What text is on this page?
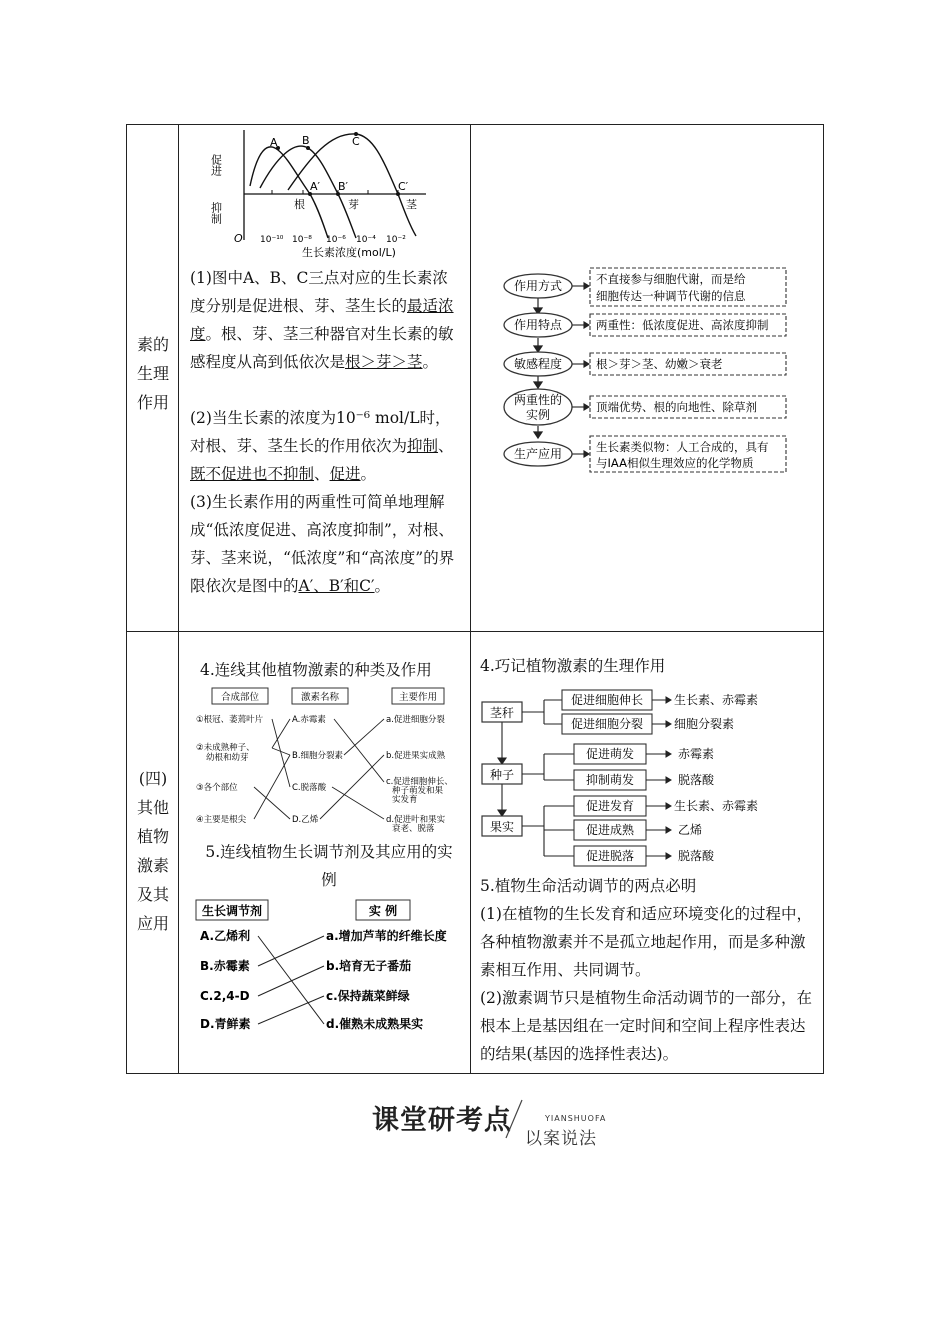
素的
生理
作用
促进
抑制
O
A B	C
A′ B′	C′
根	芽	茎
10⁻¹⁰ 10⁻⁸ 10⁻⁶ 10⁻⁴ 10⁻²
生长素浓度(mol/L)
(1)图中A、B、C三点对应的生长素浓度分别是促进根、芽、茎生长的最适浓度。根、芽、茎三种器官对生长素的敏感程度从高到低依次是根＞芽＞茎。
(2)当生长素的浓度为10⁻⁶ mol/L时，对根、芽、茎生长的作用依次为抑制、既不促进也不抑制、促进。
(3)生长素作用的两重性可简单地理解成“低浓度促进、高浓度抑制”，对根、芽、茎来说，“低浓度”和“高浓度”的界限依次是图中的A′、B′和C′。
作用方式
作用特点
敏感程度
两重性的
实例
生产应用
不直接参与细胞代谢，而是给
细胞传达一种调节代谢的信息
两重性：低浓度促进、高浓度抑制
根＞芽＞茎、幼嫩＞衰老
顶端优势、根的向地性、除草剂
生长素类似物：人工合成的，具有
与IAA相似生理效应的化学物质
(四)
其他
植物
激素
及其
应用
4.连线其他植物激素的种类及作用
合成部位	激素名称	主要作用
①根冠、萎蔫叶片
②未成熟种子、
幼根和幼芽
③各个部位
④主要是根尖
A.赤霉素
B.细胞分裂素
C.脱落酸
D.乙烯
a.促进细胞分裂
b.促进果实成熟
c.促进细胞伸长、
种子萌发和果
实发育
d.促进叶和果实
衰老、脱落
5.连线植物生长调节剂及其应用的实
例
生长调节剂	实 例
A.乙烯利
B.赤霉素
C.2,4-D
D.青鲜素
a.增加芦苇的纤维长度
b.培育无子番茄
c.保持蔬菜鲜绿
d.催熟未成熟果实
4.巧记植物激素的生理作用
茎秆
种子
果实
促进细胞伸长
促进细胞分裂
促进萌发
抑制萌发
促进发育
促进成熟
促进脱落
生长素、赤霉素
细胞分裂素
赤霉素
脱落酸
生长素、赤霉素
乙烯
脱落酸
5.植物生命活动调节的两点必明
(1)在植物的生长发育和适应环境变化的过程中，各种植物激素并不是孤立地起作用，而是多种激素相互作用、共同调节。
(2)激素调节只是植物生命活动调节的一部分，在根本上是基因组在一定时间和空间上程序性表达的结果(基因的选择性表达)。
课堂研考点	YIANSHUOFA
以案说法
